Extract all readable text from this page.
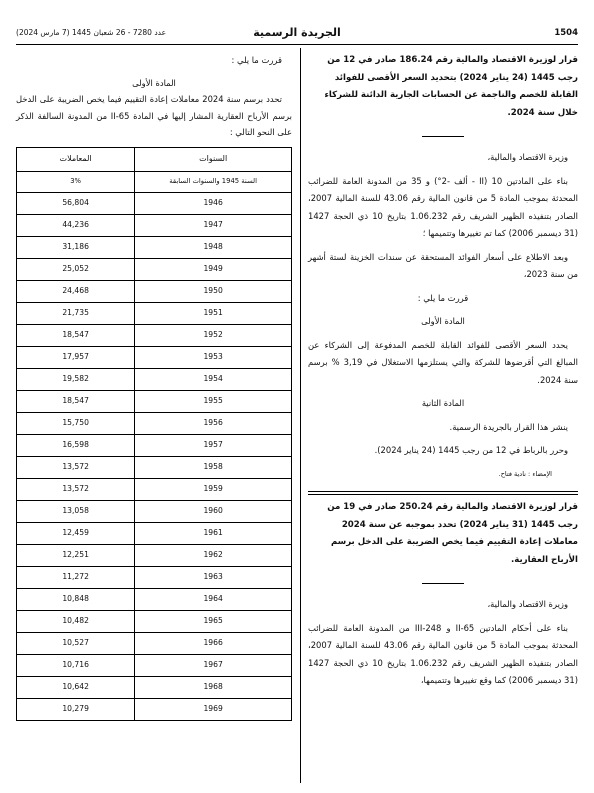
1504
الجريدة الرسمية
عدد 7280 - 26 شعبان 1445 (7 مارس 2024)

قرار لوزيرة الاقتصاد والمالية رقم 186.24 صادر في 12 من رجب 1445 (24 يناير 2024) بتحديد السعر الأقصى للفوائد القابلة للخصم والناجمة عن الحسابات الجارية الدائنة للشركاء خلال سنة 2024.

وزيرة الاقتصاد والمالية،

بناء على المادتين 10 (II - ألف -2°) و 35 من المدونة العامة للضرائب المحدثة بموجب المادة 5 من قانون المالية رقم 43.06 للسنة المالية 2007، الصادر بتنفيذه الظهير الشريف رقم 1.06.232 بتاريخ 10 ذي الحجة 1427 (31 ديسمبر 2006) كما تم تغييرها وتتميمها ؛

وبعد الاطلاع على أسعار الفوائد المستحقة عن سندات الخزينة لستة أشهر من سنة 2023،

قررت ما يلي :

المادة الأولى

يحدد السعر الأقصى للفوائد القابلة للخصم المدفوعة إلى الشركاء عن المبالغ التي أقرضوها للشركة والتي يستلزمها الاستغلال في 3,19 % برسم سنة 2024.

المادة الثانية

ينشر هذا القرار بالجريدة الرسمية.

وحرر بالرباط في 12 من رجب 1445 (24 يناير 2024).

الإمضاء : نادية فتاح.

قرار لوزيرة الاقتصاد والمالية رقم 250.24 صادر في 19 من رجب 1445 (31 يناير 2024) تحدد بموجبه عن سنة 2024 معاملات إعادة التقييم فيما يخص الضريبة على الدخل برسم الأرباح العقارية.

وزيرة الاقتصاد والمالية،

بناء على أحكام المادتين II-65 و III-248 من المدونة العامة للضرائب المحدثة بموجب المادة 5 من قانون المالية رقم 43.06 للسنة المالية 2007، الصادر بتنفيذه الظهير الشريف رقم 1.06.232 بتاريخ 10 ذي الحجة 1427 (31 ديسمبر 2006) كما وقع تغييرها وتتميمها،

قررت ما يلي :

المادة الأولى

تحدد برسم سنة 2024 معاملات إعادة التقييم فيما يخص الضريبة على الدخل برسم الأرباح العقارية المشار إليها في المادة 65-II من المدونة السالفة الذكر على النحو التالي :

السنوات	المعاملات
السنة 1945 والسنوات السابقة	3%
1946	56,804
1947	44,236
1948	31,186
1949	25,052
1950	24,468
1951	21,735
1952	18,547
1953	17,957
1954	19,582
1955	18,547
1956	15,750
1957	16,598
1958	13,572
1959	13,572
1960	13,058
1961	12,459
1962	12,251
1963	11,272
1964	10,848
1965	10,482
1966	10,527
1967	10,716
1968	10,642
1969	10,279
